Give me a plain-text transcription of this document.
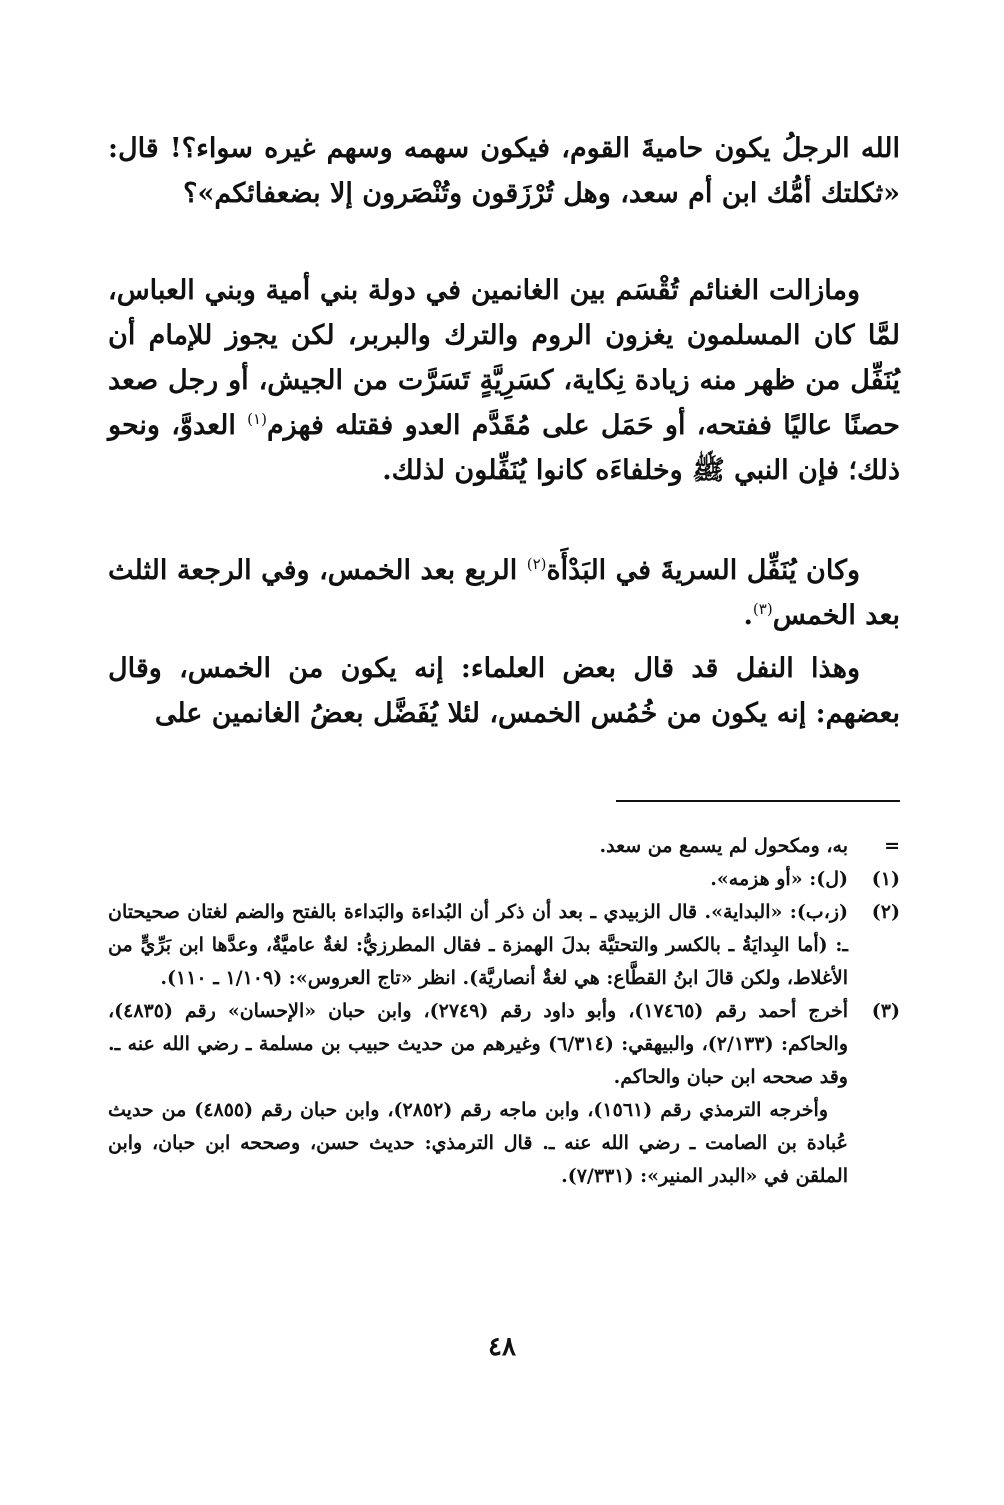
الله الرجلُ يكون حاميةَ القوم، فيكون سهمه وسهم غيره سواء؟! قال: «ثكلتك أمُّك ابن أم سعد، وهل تُرْزَقون وتُنْصَرون إلا بضعفائكم»؟

ومازالت الغنائم تُقْسَم بين الغانمين في دولة بني أمية وبني العباس، لمَّا كان المسلمون يغزون الروم والترك والبربر، لكن يجوز للإمام أن يُنَفِّل من ظهر منه زيادة نِكاية، كسَرِيَّةٍ تَسَرَّت من الجيش، أو رجل صعد حصنًا عاليًا ففتحه، أو حَمَل على مُقَدَّم العدو فقتله فهزم$^{(١)}$ العدوَّ، ونحو ذلك؛ فإن النبي ﷺ وخلفاءَه كانوا يُنَفِّلون لذلك.

وكان يُنَفِّل السريةَ في البَدْأَة$^{(٢)}$ الربع بعد الخمس، وفي الرجعة الثلث بعد الخمس$^{(٣)}$.

وهذا النفل قد قال بعض العلماء: إنه يكون من الخمس، وقال بعضهم: إنه يكون من خُمُس الخمس، لئلا يُفَضَّل بعضُ الغانمين على

=
به، ومكحول لم يسمع من سعد.
(١)
(ل): «أو هزمه».
(٢)
(ز،ب): «البداية». قال الزبيدي ـ بعد أن ذكر أن البُداءة والبَداءة بالفتح والضم لغتان صحيحتان ـ: (أما البِدايَةُ ـ بالكسر والتحتيَّة بدلَ الهمزة ـ فقال المطرزيُّ: لغةٌ عاميَّةٌ، وعدَّها ابن بَرِّيٍّ من الأغلاط، ولكن قالَ ابنُ القطَّاع: هي لغةٌ أنصاريَّة). انظر «تاج العروس»: (١/١٠٩ ـ ١١٠).
(٣)
أخرج أحمد رقم (١٧٤٦٥)، وأبو داود رقم (٢٧٤٩)، وابن حبان «الإحسان» رقم (٤٨٣٥)، والحاكم: (٢/١٣٣)، والبيهقي: (٦/٣١٤) وغيرهم من حديث حبيب بن مسلمة ـ رضي الله عنه ـ. وقد صححه ابن حبان والحاكم.
وأخرجه الترمذي رقم (١٥٦١)، وابن ماجه رقم (٢٨٥٢)، وابن حبان رقم (٤٨٥٥) من حديث عُبادة بن الصامت ـ رضي الله عنه ـ. قال الترمذي: حديث حسن، وصححه ابن حبان، وابن الملقن في «البدر المنير»: (٧/٣٣١).
٤٨
